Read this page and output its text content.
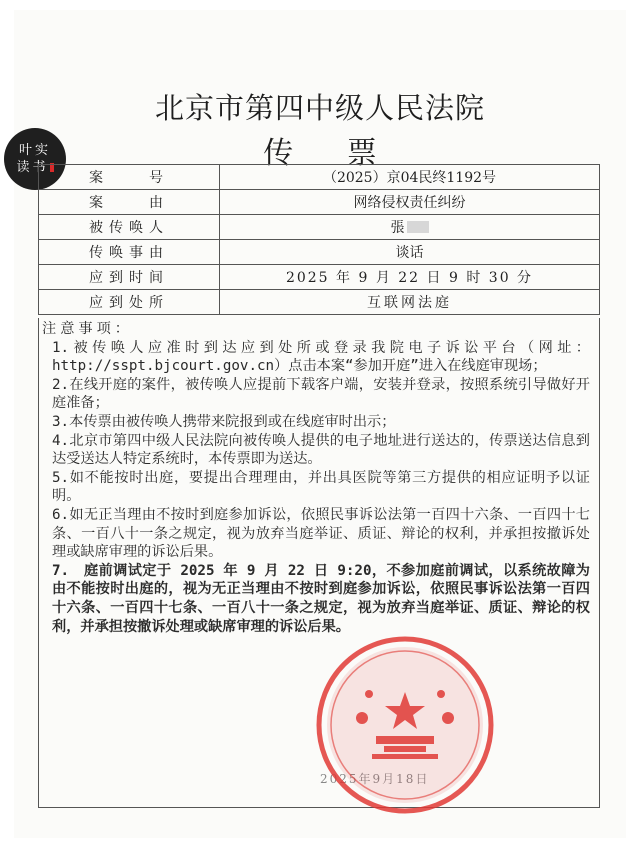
叶实
读书
北京市第四中级人民法院
传 票
案　　号	（2025）京04民终1192号
案　　由	网络侵权责任纠纷
被传唤人	張
传唤事由	谈话
应到时间	2025 年 9 月 22 日 9 时 30 分
应到处所	互联网法庭

注意事项：

1.被传唤人应准时到达应到处所或登录我院电子诉讼平台（网址：http://sspt.bjcourt.gov.cn）点击本案“参加开庭”进入在线庭审现场；

2.在线开庭的案件，被传唤人应提前下载客户端，安装并登录，按照系统引导做好开庭准备；

3.本传票由被传唤人携带来院报到或在线庭审时出示；

4.北京市第四中级人民法院向被传唤人提供的电子地址进行送达的，传票送达信息到达受送达人特定系统时，本传票即为送达。

5.如不能按时出庭，要提出合理理由，并出具医院等第三方提供的相应证明予以证明。

6.如无正当理由不按时到庭参加诉讼，依照民事诉讼法第一百四十六条、一百四十七条、一百八十一条之规定，视为放弃当庭举证、质证、辩论的权利，并承担按撤诉处理或缺席审理的诉讼后果。

7.　庭前调试定于 2025 年 9 月 22 日 9:20，不参加庭前调试，以系统故障为由不能按时出庭的，视为无正当理由不按时到庭参加诉讼，依照民事诉讼法第一百四十六条、一百四十七条、一百八十一条之规定，视为放弃当庭举证、质证、辩论的权利，并承担按撤诉处理或缺席审理的诉讼后果。

2025年9月18日
